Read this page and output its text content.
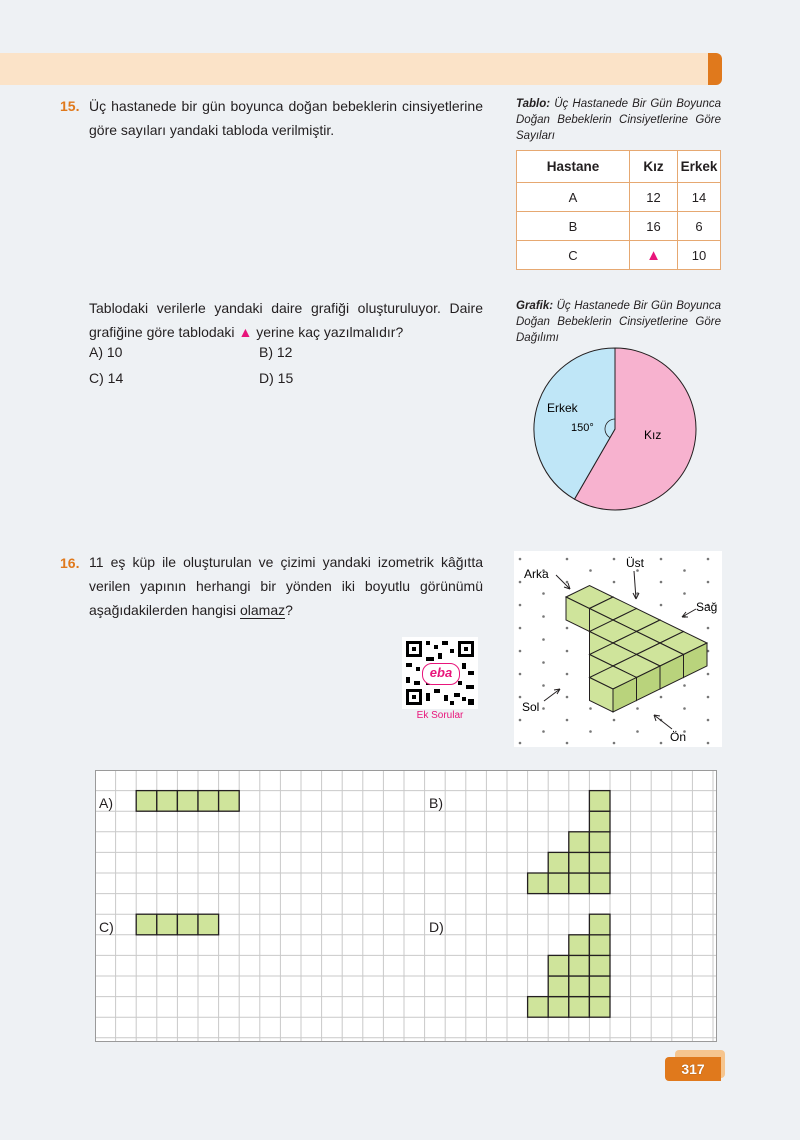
15. Üç hastanede bir gün boyunca doğan bebeklerin cinsiyetlerine göre sayıları yandaki tabloda verilmiştir.
Tablo: Üç Hastanede Bir Gün Boyunca Doğan Bebeklerin Cinsiyetlerine Göre Sayıları
Hastane	Kız	Erkek
A	12	14
B	16	6
C	▲	10
Tablodaki verilerle yandaki daire grafiği oluşturuluyor. Daire grafiğine göre tablodaki ▲ yerine kaç yazılmalıdır?
A) 10	B) 12
C) 14	D) 15
Grafik: Üç Hastanede Bir Gün Boyunca Doğan Bebeklerin Cinsiyetlerine Göre Dağılımı
Erkek
150°	Kız
16. 11 eş küp ile oluşturulan ve çizimi yandaki izometrik kâğıtta verilen yapının herhangi bir yönden iki boyutlu görünümü aşağıdakilerden hangisi olamaz?
eba
Ek Sorular
Arka
Üst
Sağ
Sol
Ön
A)	B)
C)	D)
317
